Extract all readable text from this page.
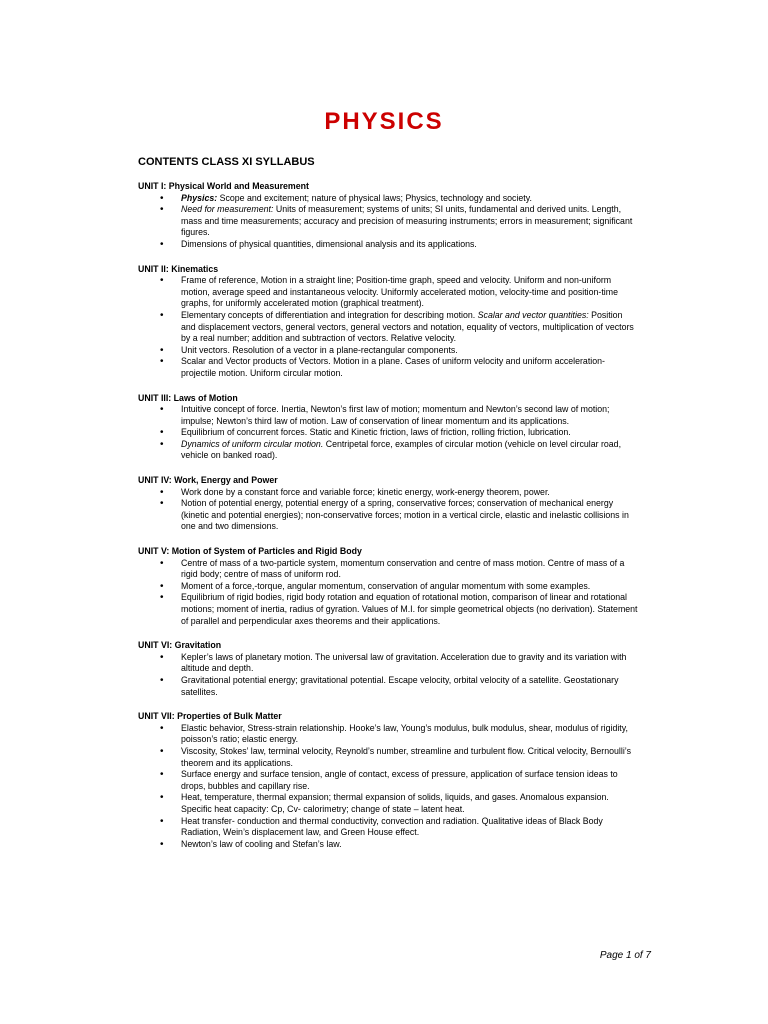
PHYSICS
CONTENTS CLASS XI SYLLABUS
UNIT I: Physical World and Measurement
• Physics: Scope and excitement; nature of physical laws; Physics, technology and society.
• Need for measurement: Units of measurement; systems of units; SI units, fundamental and derived units. Length, mass and time measurements; accuracy and precision of measuring instruments; errors in measurement; significant figures.
• Dimensions of physical quantities, dimensional analysis and its applications.
UNIT II: Kinematics
• Frame of reference, Motion in a straight line; Position-time graph, speed and velocity. Uniform and non-uniform motion, average speed and instantaneous velocity. Uniformly accelerated motion, velocity-time and position-time graphs, for uniformly accelerated motion (graphical treatment).
• Elementary concepts of differentiation and integration for describing motion. Scalar and vector quantities: Position and displacement vectors, general vectors, general vectors and notation, equality of vectors, multiplication of vectors by a real number; addition and subtraction of vectors. Relative velocity.
• Unit vectors. Resolution of a vector in a plane-rectangular components.
• Scalar and Vector products of Vectors. Motion in a plane. Cases of uniform velocity and uniform acceleration- projectile motion. Uniform circular motion.
UNIT III: Laws of Motion
• Intuitive concept of force. Inertia, Newton’s first law of motion; momentum and Newton’s second law of motion; impulse; Newton’s third law of motion. Law of conservation of linear momentum and its applications.
• Equilibrium of concurrent forces. Static and Kinetic friction, laws of friction, rolling friction, lubrication.
• Dynamics of uniform circular motion. Centripetal force, examples of circular motion (vehicle on level circular road, vehicle on banked road).
UNIT IV: Work, Energy and Power
• Work done by a constant force and variable force; kinetic energy, work-energy theorem, power.
• Notion of potential energy, potential energy of a spring, conservative forces; conservation of mechanical energy (kinetic and potential energies); non-conservative forces; motion in a vertical circle, elastic and inelastic collisions in one and two dimensions.
UNIT V: Motion of System of Particles and Rigid Body
• Centre of mass of a two-particle system, momentum conservation and centre of mass motion. Centre of mass of a rigid body; centre of mass of uniform rod.
• Moment of a force,-torque, angular momentum, conservation of angular momentum with some examples.
• Equilibrium of rigid bodies, rigid body rotation and equation of rotational motion, comparison of linear and rotational motions; moment of inertia, radius of gyration. Values of M.I. for simple geometrical objects (no derivation). Statement of parallel and perpendicular axes theorems and their applications.
UNIT VI: Gravitation
• Kepler’s laws of planetary motion. The universal law of gravitation. Acceleration due to gravity and its variation with altitude and depth.
• Gravitational potential energy; gravitational potential. Escape velocity, orbital velocity of a satellite. Geostationary satellites.
UNIT VII: Properties of Bulk Matter
• Elastic behavior, Stress-strain relationship. Hooke’s law, Young’s modulus, bulk modulus, shear, modulus of rigidity, poisson’s ratio; elastic energy.
• Viscosity, Stokes’ law, terminal velocity, Reynold’s number, streamline and turbulent flow. Critical velocity, Bernoulli’s theorem and its applications.
• Surface energy and surface tension, angle of contact, excess of pressure, application of surface tension ideas to drops, bubbles and capillary rise.
• Heat, temperature, thermal expansion; thermal expansion of solids, liquids, and gases. Anomalous expansion. Specific heat capacity: Cp, Cv- calorimetry; change of state – latent heat.
• Heat transfer- conduction and thermal conductivity, convection and radiation. Qualitative ideas of Black Body Radiation, Wein’s displacement law, and Green House effect.
• Newton’s law of cooling and Stefan’s law.
Page 1 of 7
